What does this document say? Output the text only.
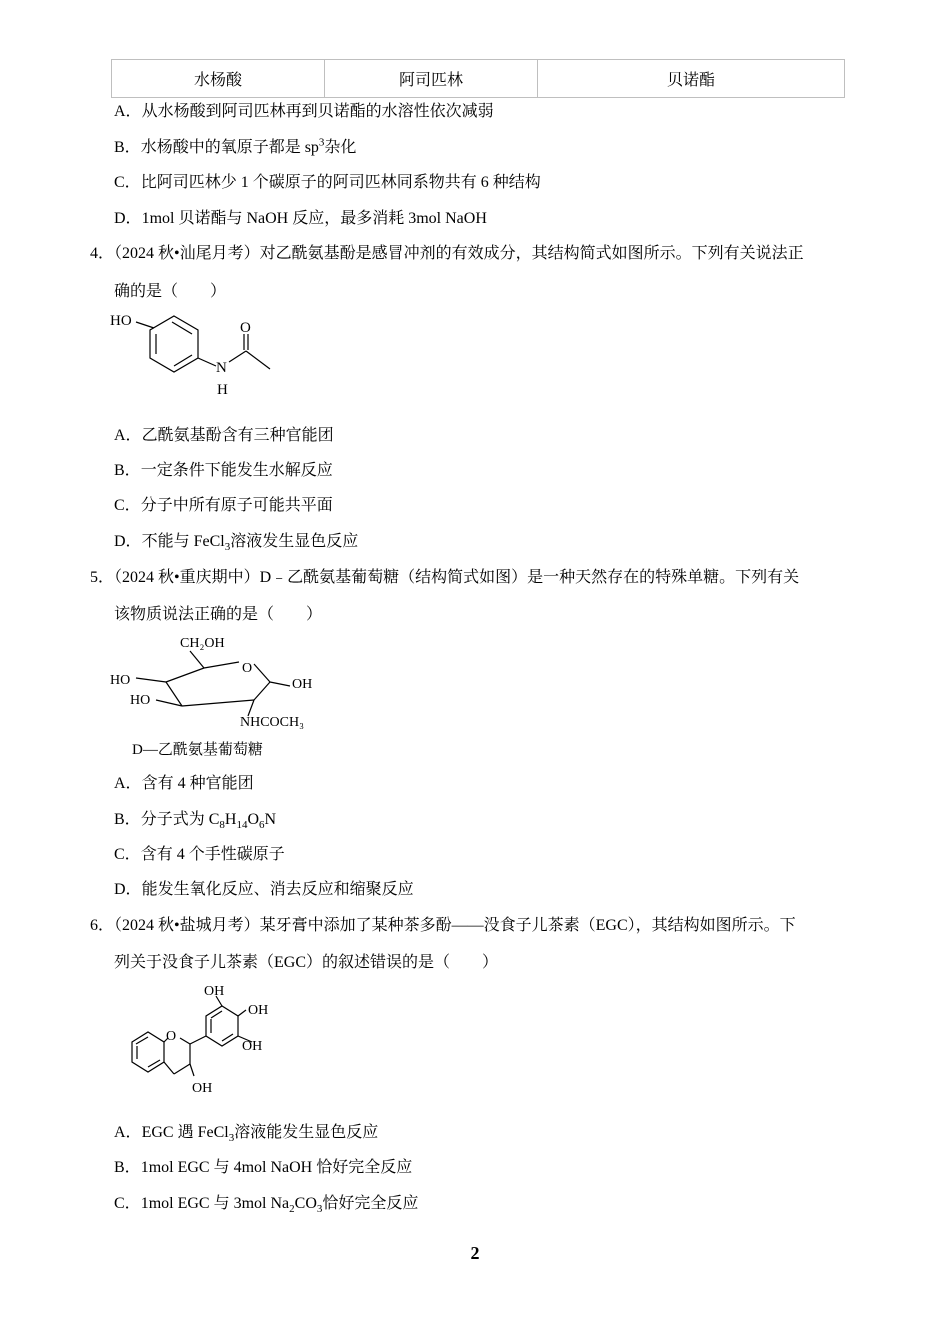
水杨酸	阿司匹林	贝诺酯
A．从水杨酸到阿司匹林再到贝诺酯的水溶性依次减弱
B．水杨酸中的氧原子都是 $sp^3$杂化
C．比阿司匹林少 1 个碳原子的阿司匹林同系物共有 6 种结构
D．1mol 贝诺酯与 NaOH 反应，最多消耗 3mol NaOH
4．（2024 秋•汕尾月考）对乙酰氨基酚是感冒冲剂的有效成分，其结构简式如图所示。下列有关说法正
确的是（　　）
HO
N
H
O
A．乙酰氨基酚含有三种官能团
B．一定条件下能发生水解反应
C．分子中所有原子可能共平面
D．不能与 FeCl$_3$溶液发生显色反应
5．（2024 秋•重庆期中）D﹣乙酰氨基葡萄糖（结构简式如图）是一种天然存在的特殊单糖。下列有关
该物质说法正确的是（　　）
CH₂OH
O
HO
HO
OH
NHCOCH₃
D—乙酰氨基葡萄糖
A．含有 4 种官能团
B．分子式为 $C_8H_{14}O_6N$
C．含有 4 个手性碳原子
D．能发生氧化反应、消去反应和缩聚反应
6．（2024 秋•盐城月考）某牙膏中添加了某种茶多酚——没食子儿茶素（EGC），其结构如图所示。下
列关于没食子儿茶素（EGC）的叙述错误的是（　　）
O
OH
OH
OH
OH
A．EGC 遇 FeCl$_3$溶液能发生显色反应
B．1mol EGC 与 4mol NaOH 恰好完全反应
C．1mol EGC 与 3mol $Na_2CO_3$恰好完全反应
2
